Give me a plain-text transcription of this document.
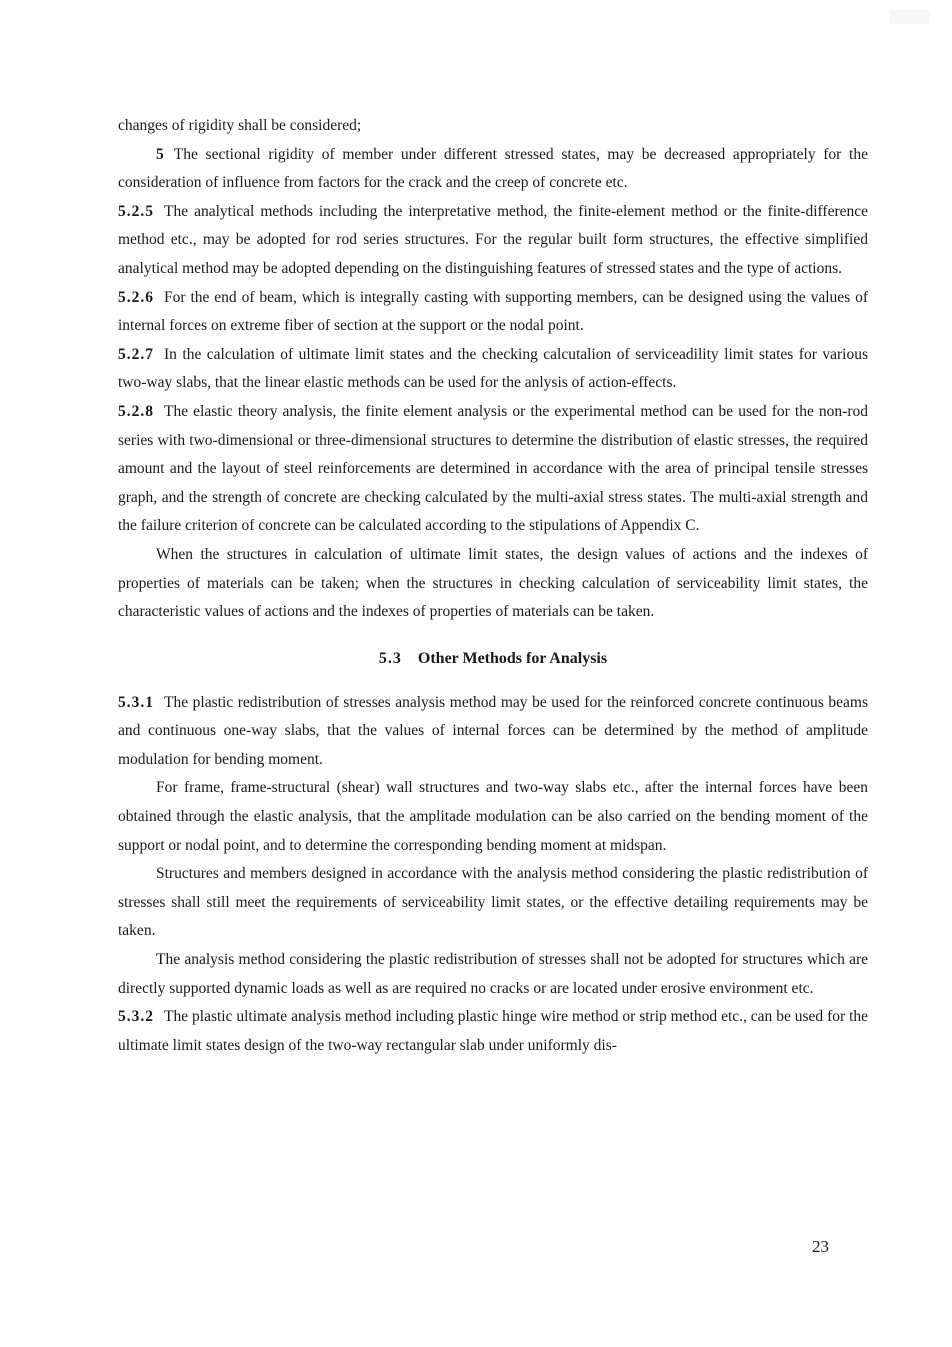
changes of rigidity shall be considered;

5 The sectional rigidity of member under different stressed states, may be decreased appropriately for the consideration of influence from factors for the crack and the creep of concrete etc.

5.2.5 The analytical methods including the interpretative method, the finite-element method or the finite-difference method etc., may be adopted for rod series structures. For the regular built form structures, the effective simplified analytical method may be adopted depending on the distinguishing features of stressed states and the type of actions.

5.2.6 For the end of beam, which is integrally casting with supporting members, can be designed using the values of internal forces on extreme fiber of section at the support or the nodal point.

5.2.7 In the calculation of ultimate limit states and the checking calcutalion of serviceadility limit states for various two-way slabs, that the linear elastic methods can be used for the anlysis of action-effects.

5.2.8 The elastic theory analysis, the finite element analysis or the experimental method can be used for the non-rod series with two-dimensional or three-dimensional structures to determine the distribution of elastic stresses, the required amount and the layout of steel reinforcements are determined in accordance with the area of principal tensile stresses graph, and the strength of concrete are checking calculated by the multi-axial stress states. The multi-axial strength and the failure criterion of concrete can be calculated according to the stipulations of Appendix C.

When the structures in calculation of ultimate limit states, the design values of actions and the indexes of properties of materials can be taken; when the structures in checking calculation of serviceability limit states, the characteristic values of actions and the indexes of properties of materials can be taken.

5.3 Other Methods for Analysis

5.3.1 The plastic redistribution of stresses analysis method may be used for the reinforced concrete continuous beams and continuous one-way slabs, that the values of internal forces can be determined by the method of amplitude modulation for bending moment.

For frame, frame-structural (shear) wall structures and two-way slabs etc., after the internal forces have been obtained through the elastic analysis, that the amplitade modulation can be also carried on the bending moment of the support or nodal point, and to determine the corresponding bending moment at midspan.

Structures and members designed in accordance with the analysis method considering the plastic redistribution of stresses shall still meet the requirements of serviceability limit states, or the effective detailing requirements may be taken.

The analysis method considering the plastic redistribution of stresses shall not be adopted for structures which are directly supported dynamic loads as well as are required no cracks or are located under erosive environment etc.

5.3.2 The plastic ultimate analysis method including plastic hinge wire method or strip method etc., can be used for the ultimate limit states design of the two-way rectangular slab under uniformly dis-

23
